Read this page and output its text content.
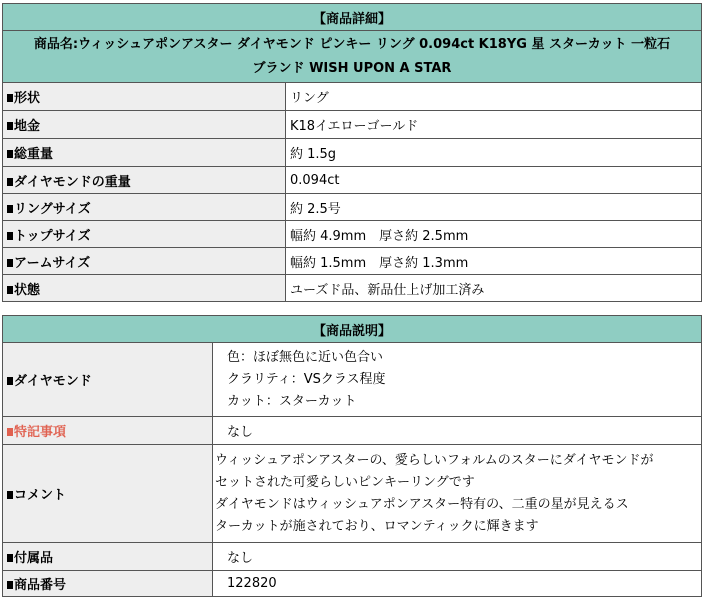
【商品詳細】	

商品名:ウィッシュアポンアスター ダイヤモンド ピンキー リング 0.094ct K18YG 星 スターカット 一粒石
ブランド WISH UPON A STAR	

形状	リング
地金	K18イエローゴールド
総重量	約 1.5g
ダイヤモンドの重量	0.094ct
リングサイズ	約 2.5号
トップサイズ	幅約 4.9mm　厚さ約 2.5mm
アームサイズ	幅約 1.5mm　厚さ約 1.3mm
状態	ユーズド品、新品仕上げ加工済み
【商品説明】	
ダイヤモンド	色：ほぼ無色に近い色合い
クラリティ：VSクラス程度
カット：スターカット

特記事項	なし
コメント	ウィッシュアポンアスターの、愛らしいフォルムのスターにダイヤモンドが
セットされた可愛らしいピンキーリングです
ダイヤモンドはウィッシュアポンアスター特有の、二重の星が見えるス
ターカットが施されており、ロマンティックに輝きます

付属品	なし
商品番号	122820
